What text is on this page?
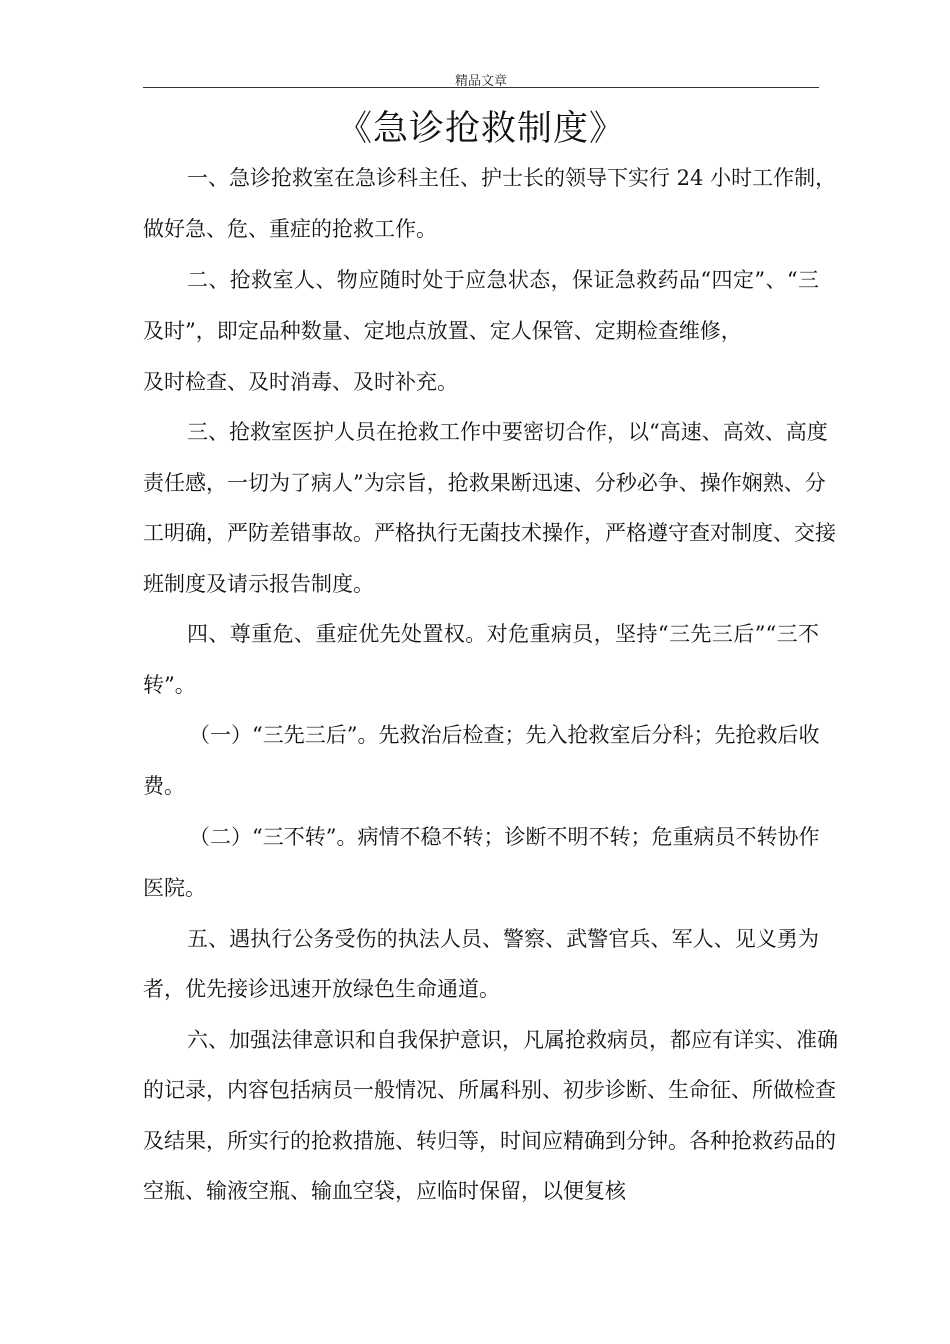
精品文章
《急诊抢救制度》
一、急诊抢救室在急诊科主任、护士长的领导下实行 24 小时工作制，
做好急、危、重症的抢救工作。
二、抢救室人、物应随时处于应急状态，保证急救药品“四定”、“三
及时”，即定品种数量、定地点放置、定人保管、定期检查维修，
及时检查、及时消毒、及时补充。
三、抢救室医护人员在抢救工作中要密切合作，以“高速、高效、高度
责任感，一切为了病人”为宗旨，抢救果断迅速、分秒必争、操作娴熟、分
工明确，严防差错事故。严格执行无菌技术操作，严格遵守查对制度、交接
班制度及请示报告制度。
四、尊重危、重症优先处置权。对危重病员，坚持“三先三后”“三不
转”。
（一）“三先三后”。先救治后检查；先入抢救室后分科；先抢救后收
费。
（二）“三不转”。病情不稳不转；诊断不明不转；危重病员不转协作
医院。
五、遇执行公务受伤的执法人员、警察、武警官兵、军人、见义勇为
者，优先接诊迅速开放绿色生命通道。
六、加强法律意识和自我保护意识，凡属抢救病员，都应有详实、准确
的记录，内容包括病员一般情况、所属科别、初步诊断、生命征、所做检查
及结果，所实行的抢救措施、转归等，时间应精确到分钟。各种抢救药品的
空瓶、输液空瓶、输血空袋，应临时保留，以便复核
